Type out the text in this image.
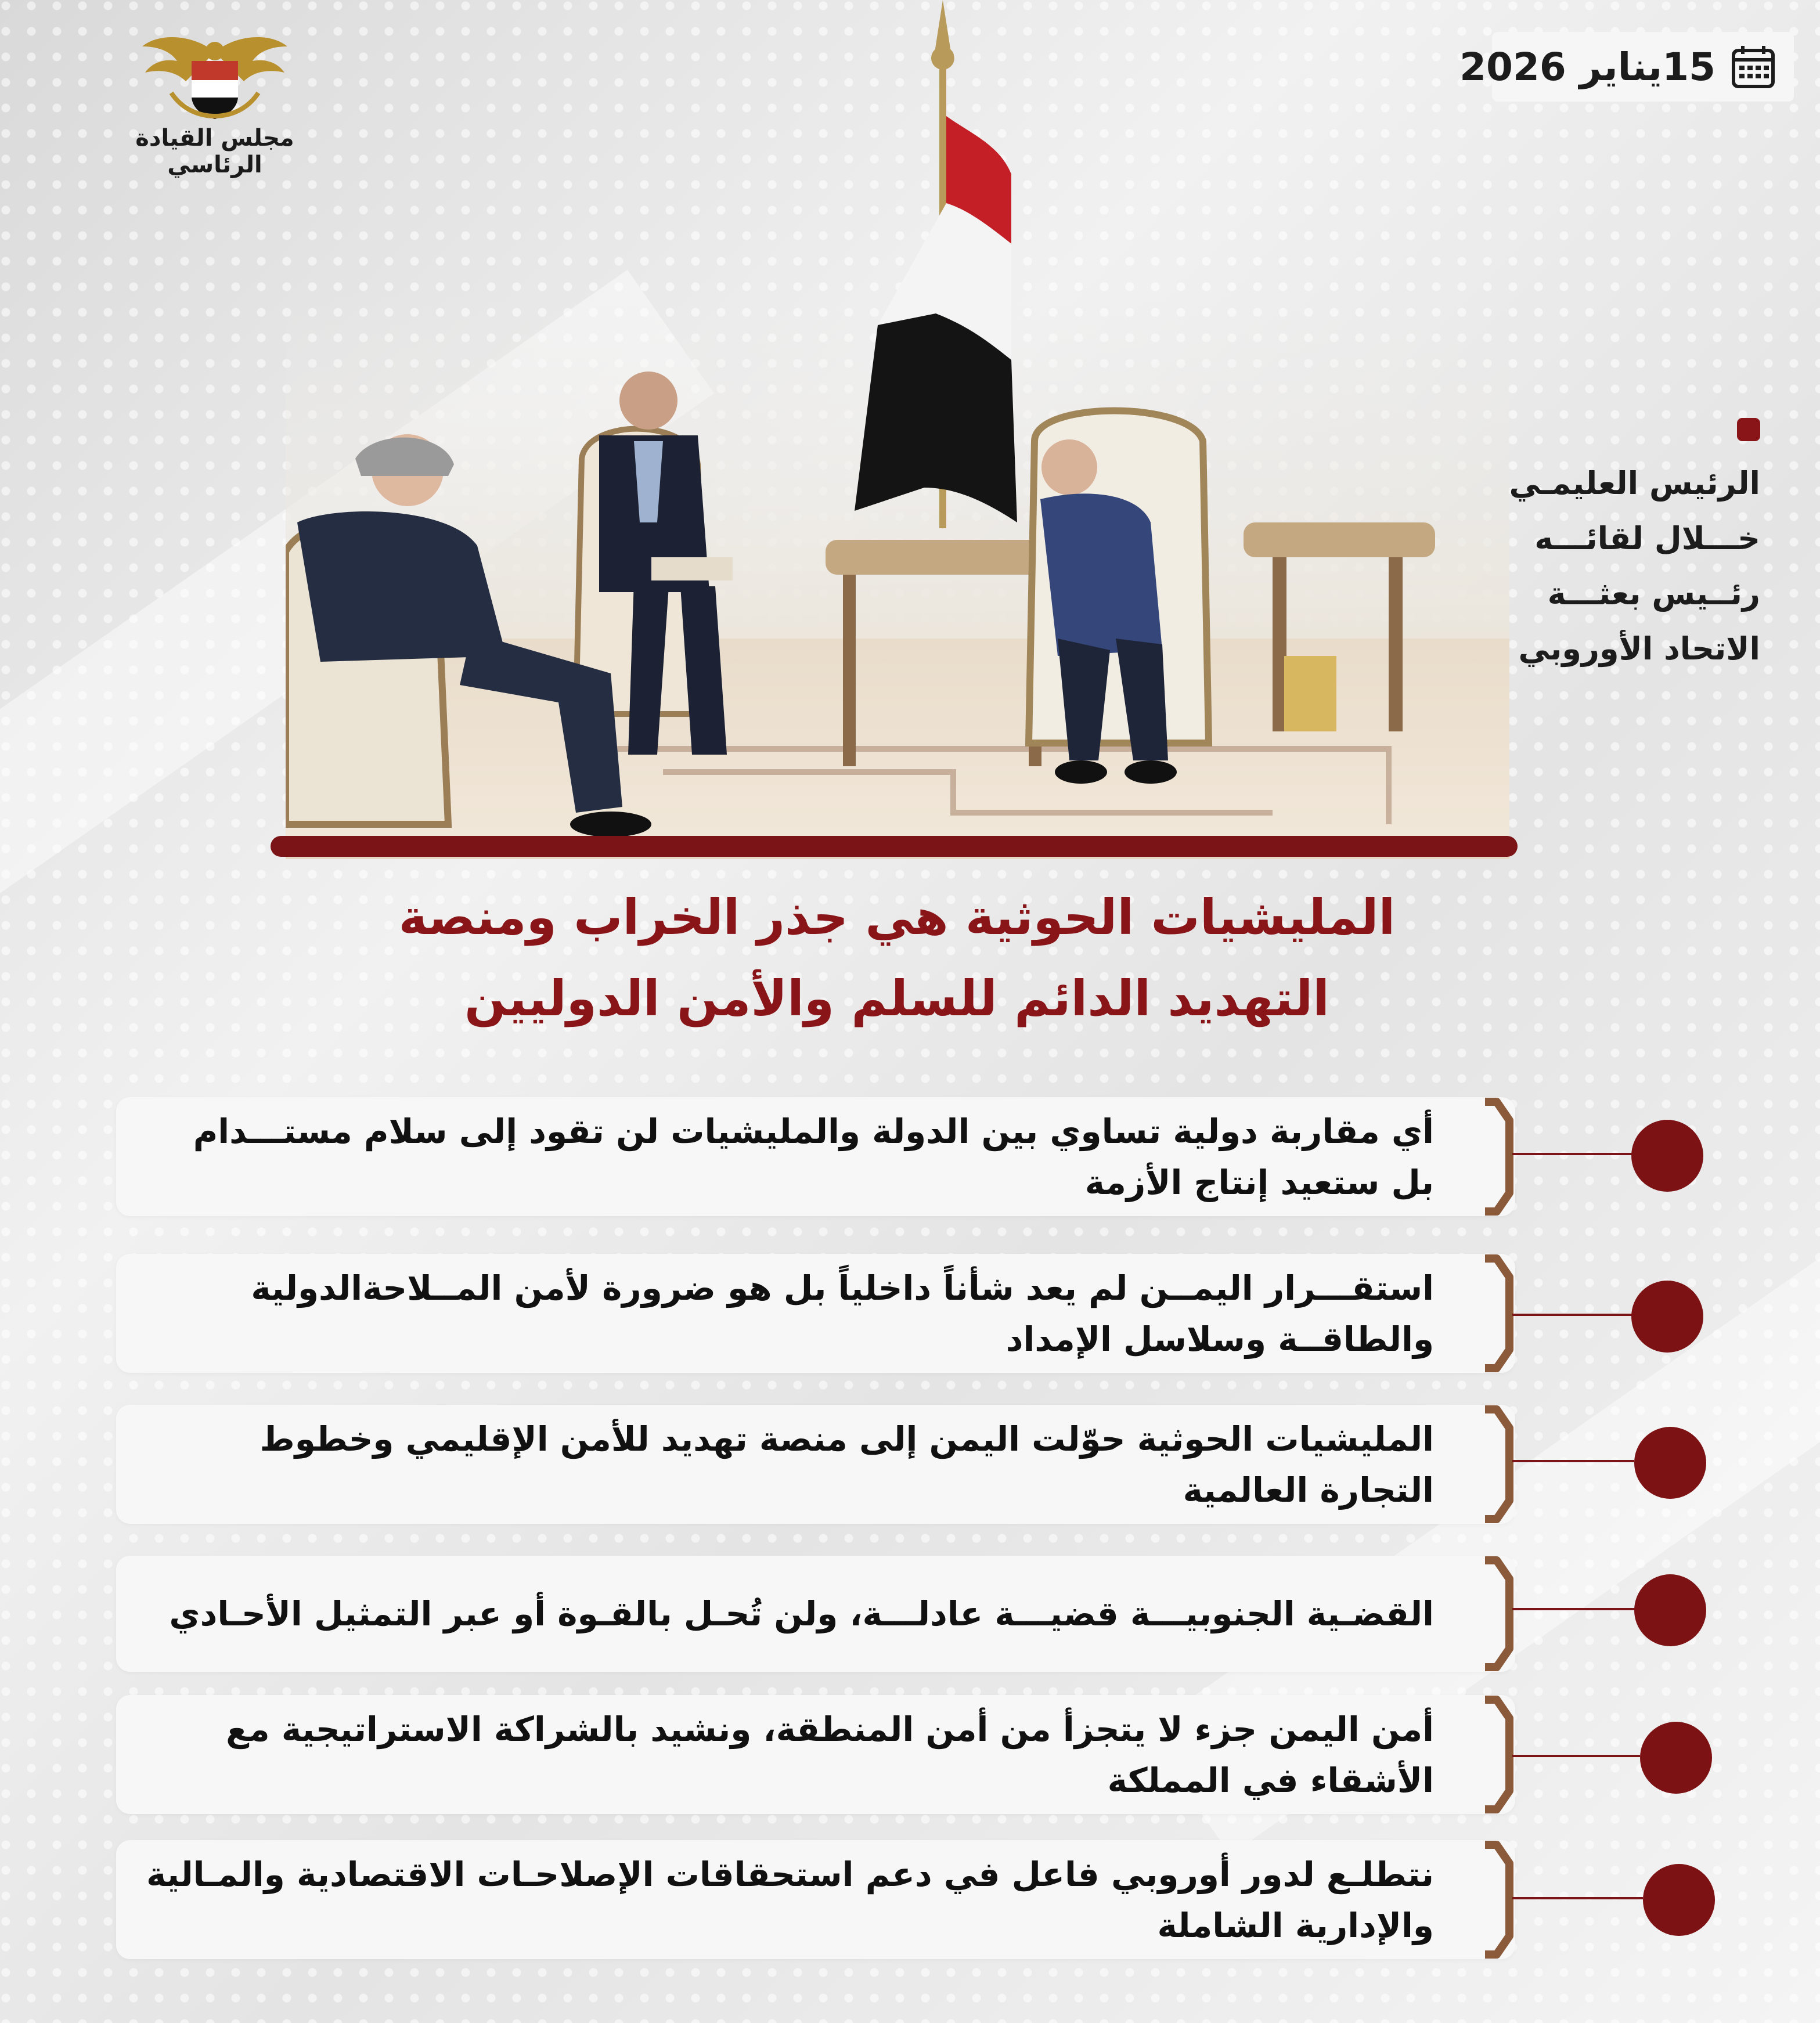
مجلس القيادة الرئاسي
15يناير 2026
الرئيس العليمـي
خـــلال لقائـــه
رئــيس بعثـــة
الاتحاد الأوروبي
المليشيات الحوثية هي جذر الخراب ومنصة
التهديد الدائم للسلم والأمن الدوليين
أي مقاربة دولية تساوي بين الدولة والمليشيات لن تقود إلى سلام مستـــدام بل ستعيد إنتاج الأزمة
استقـــرار اليمــن لم يعد شأناً داخلياً بل هو ضرورة لأمن المــلاحةالدولية والطاقــة وسلاسل الإمداد
المليشيات الحوثية حوّلت اليمن إلى منصة تهديد للأمن الإقليمي وخطوط التجارة العالمية
القضـية الجنوبيـــة قضيـــة عادلـــة، ولن تُحـل بالقـوة أو عبر التمثيل الأحـادي
أمن اليمن جزء لا يتجزأ من أمن المنطقة، ونشيد بالشراكة الاستراتيجية مع الأشقاء في المملكة
نتطلـع لدور أوروبي فاعل في دعم استحقاقات الإصلاحـات الاقتصادية والمـالية والإدارية الشاملة
